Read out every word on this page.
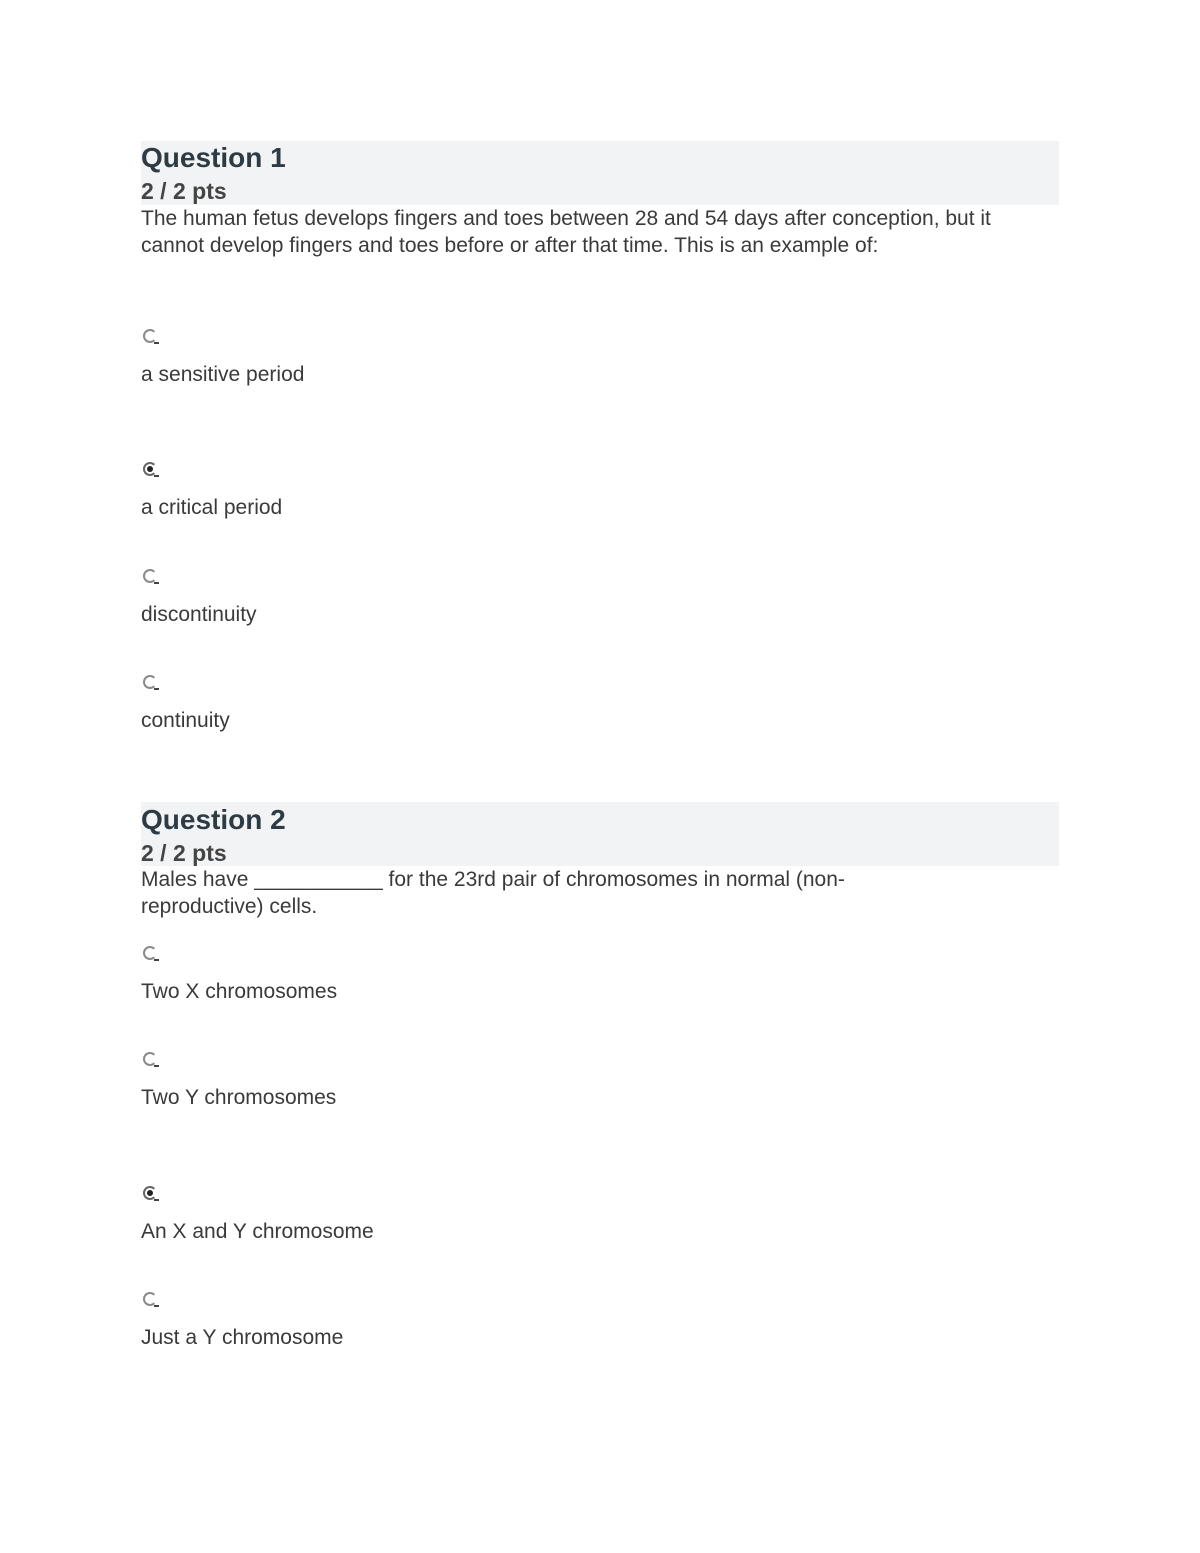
Question 1
2 / 2 pts

The human fetus develops fingers and toes between 28 and 54 days after conception, but it cannot develop fingers and toes before or after that time. This is an example of:

a sensitive period
a critical period
discontinuity
continuity
Question 2
2 / 2 pts

Males have ___________ for the 23rd pair of chromosomes in normal (non-reproductive) cells.

Two X chromosomes
Two Y chromosomes
An X and Y chromosome
Just a Y chromosome
